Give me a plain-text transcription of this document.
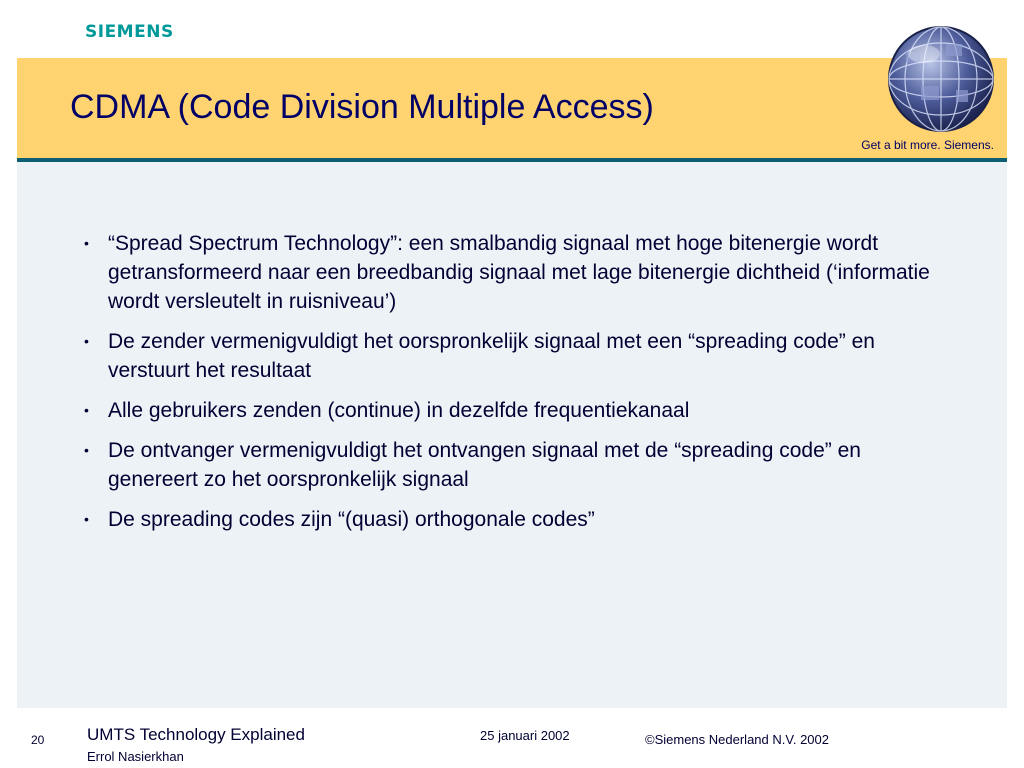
SIEMENS
CDMA (Code Division Multiple Access)
Get a bit more. Siemens.
• “Spread Spectrum Technology”: een smalbandig signaal met hoge bitenergie wordt getransformeerd naar een breedbandig signaal met lage bitenergie dichtheid (‘informatie wordt versleutelt in ruisniveau’)
• De zender vermenigvuldigt het oorspronkelijk signaal met een “spreading code” en verstuurt het resultaat
• Alle gebruikers zenden (continue) in dezelfde frequentiekanaal
• De ontvanger vermenigvuldigt het ontvangen signaal met de “spreading code” en genereert zo het oorspronkelijk signaal
• De spreading codes zijn “(quasi) orthogonale codes”
20	UMTS Technology Explained
Errol Nasierkhan
25 januari 2002	©Siemens Nederland N.V. 2002
